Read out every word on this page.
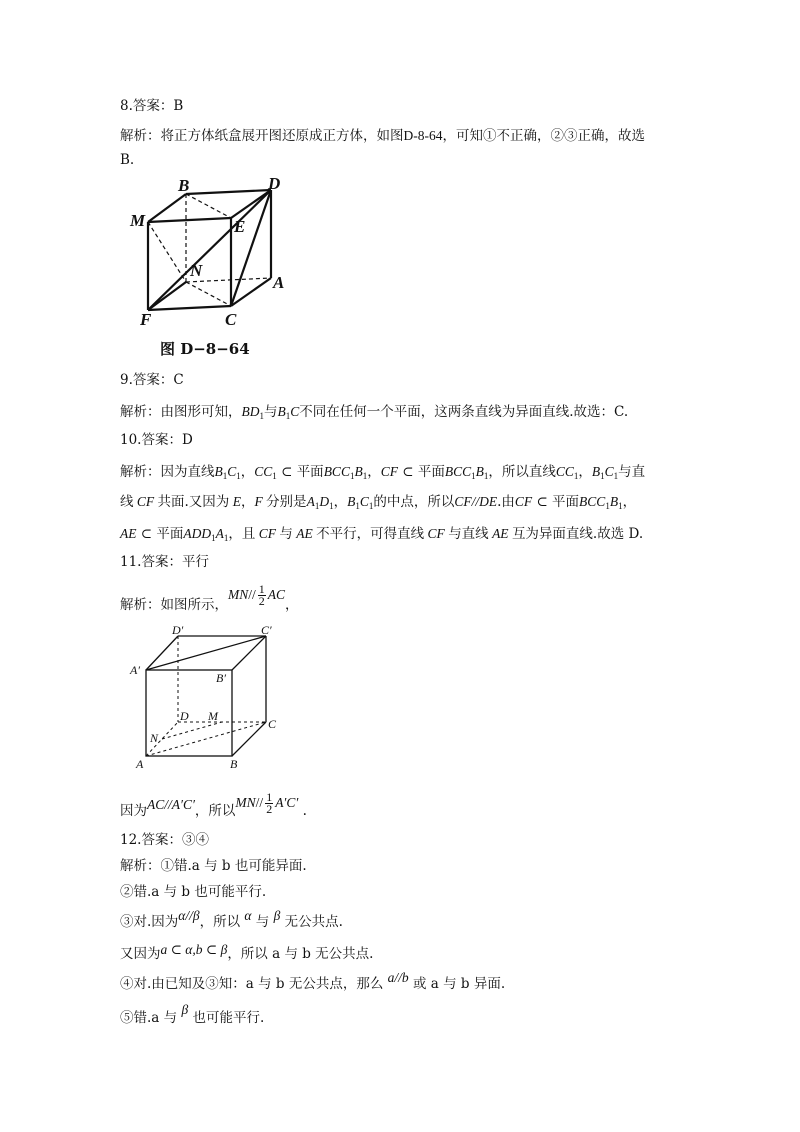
8.答案：B
解析：将正方体纸盒展开图还原成正方体，如图D-8-64，可知①不正确，②③正确，故选
B.
B	D
M	E
N
A
F	C
图 D−8−64
9.答案：C
解析：由图形可知，$BD_1$与$B_1C$不同在任何一个平面，这两条直线为异面直线.故选：C.
10.答案：D
解析：因为直线$B_1C_1$，$CC_1$ ⊂ 平面$BCC_1B_1$，CF ⊂ 平面$BCC_1B_1$，所以直线$CC_1$，$B_1C_1$与直
线 CF 共面.又因为 E，F 分别是$A_1D_1$，$B_1C_1$的中点，所以CF//DE.由CF ⊂ 平面$BCC_1B_1$，
AE ⊂ 平面$ADD_1A_1$，且 CF 与 AE 不平行，可得直线 CF 与直线 AE 互为异面直线.故选 D.
11.答案：平行
解析：如图所示，$MN// \frac{1}{2}$ AC，
D′	C′
A′
B′
D M
C
N
A	B
因为AC//A′C′，所以$MN// \frac{1}{2} A'C'$ .
12.答案：③④
解析：①错.a 与 b 也可能异面.
②错.a 与 b 也可能平行.
③对.因为α//β，所以 α 与 β 无公共点.
又因为a ⊂ α,b ⊂ β，所以 a 与 b 无公共点.
④对.由已知及③知：a 与 b 无公共点，那么 a//b 或 a 与 b 异面.
⑤错.a 与 β 也可能平行.
